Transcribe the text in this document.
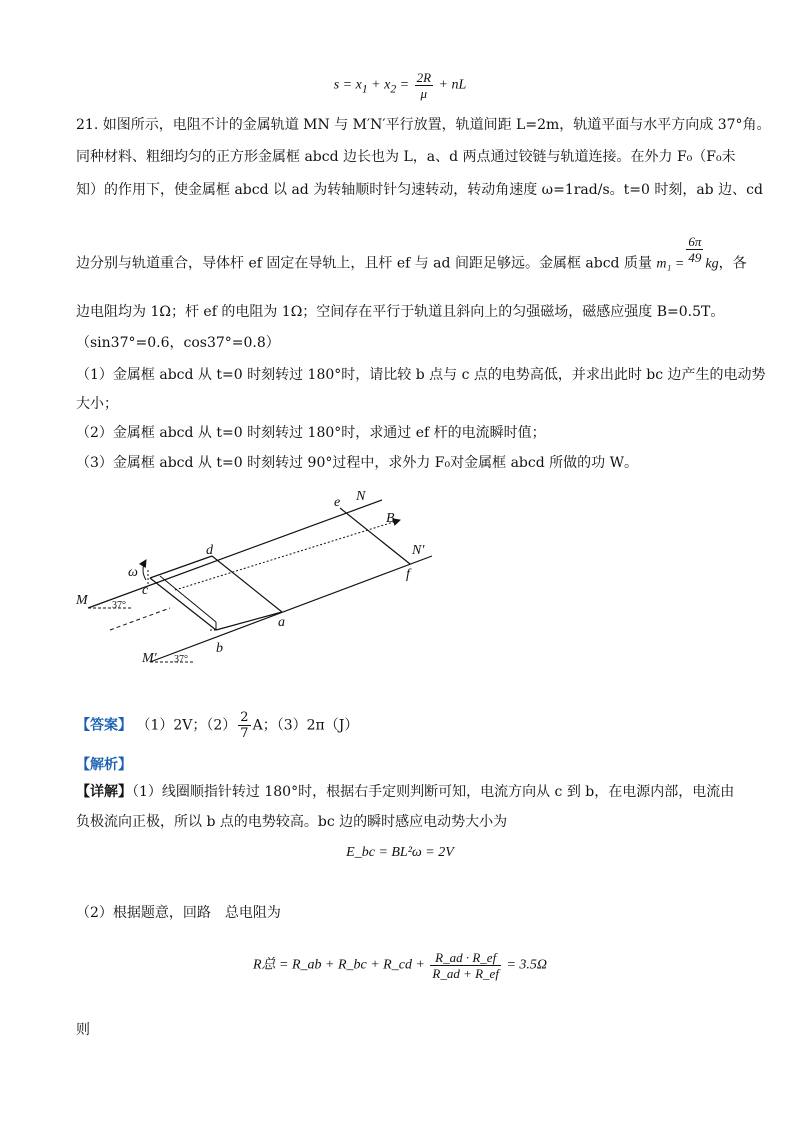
$s = x_1 + x_2 = \frac{2R}{\mu}$ + nL
21. 如图所示，电阻不计的金属轨道 MN 与 M′N′平行放置，轨道间距 L=2m，轨道平面与水平方向成 37°角。
同种材料、粗细均匀的正方形金属框 abcd 边长也为 L，a、d 两点通过铰链与轨道连接。在外力 F₀（F₀未
知）的作用下，使金属框 abcd 以 ad 为转轴顺时针匀速转动，转动角速度 ω=1rad/s。t=0 时刻，ab 边、cd
边分别与轨道重合，导体杆 ef 固定在导轨上，且杆 ef 与 ad 间距足够远。金属框 abcd 质量 $m_1 = \frac{6\pi}{49}$ kg，各
边电阻均为 1Ω；杆 ef 的电阻为 1Ω；空间存在平行于轨道且斜向上的匀强磁场，磁感应强度 B=0.5T。
（sin37°=0.6，cos37°=0.8）
（1）金属框 abcd 从 t=0 时刻转过 180°时，请比较 b 点与 c 点的电势高低，并求出此时 bc 边产生的电动势
大小；
（2）金属框 abcd 从 t=0 时刻转过 180°时，求通过 ef 杆的电流瞬时值；
（3）金属框 abcd 从 t=0 时刻转过 90°过程中，求外力 F₀对金属框 abcd 所做的功 W。
N
e
N′
f
B
d
a
c
b
ω
M
M′
37°
37°
【答案】 （1）2V；$(2) \frac{2}{7}$ A；（3）2π（J）
【解析】
【详解】（1）线圈顺指针转过 180°时，根据右手定则判断可知，电流方向从 c 到 b，在电源内部，电流由
负极流向正极，所以 b 点的电势较高。bc 边的瞬时感应电动势大小为
E_bc = BL²ω = 2V
（2）根据题意，回路　总电阻为
R总 = R_ab + R_bc + R_cd + $\frac{R\_ad \cdot R\_ef}{R\_ad + R\_ef} = 3.5\Omega$
则
